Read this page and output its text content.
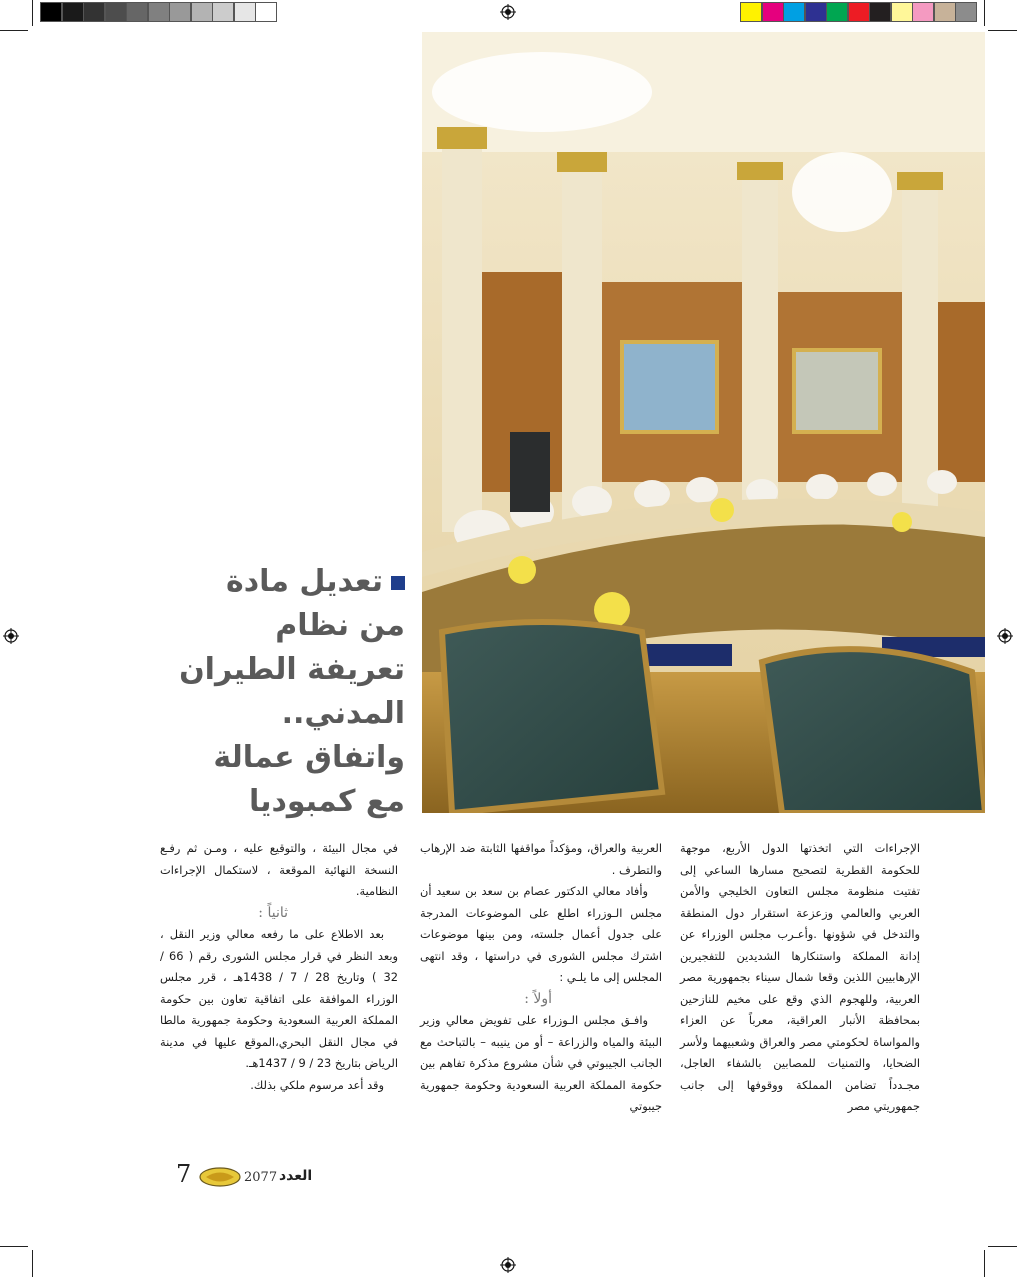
تعديل مادة
من نظام
تعريفة الطيران
المدني..
واتفاق عمالة
مع كمبوديا

الإجراءات التي اتخذتها الدول الأربع، موجهة للحكومة القطرية لتصحيح مسارها الساعي إلى تفتيت منظومة مجلس التعاون الخليجي والأمن العربي والعالمي وزعزعة استقرار دول المنطقة والتدخل في شؤونها .وأعـرب مجلس الوزراء عن إدانة المملكة واستنكارها الشديدين للتفجيرين الإرهابيين اللذين وقعا شمال سيناء بجمهورية مصر العربية، وللهجوم الذي وقع على مخيم للنازحين بمحافظة الأنبار العراقية، معرباً عن العزاء والمواساة لحكومتي مصر والعراق وشعبيهما ولأسر الضحايا، والتمنيات للمصابين بالشفاء العاجل، مجـدداً تضامن المملكة ووقوفها إلى جانب جمهوريتي مصر

العربية والعراق، ومؤكداً مواقفها الثابتة ضد الإرهاب والتطرف .

وأفاد معالي الدكتور عصام بن سعد بن سعيد أن مجلس الـوزراء اطلع على الموضوعات المدرجة على جدول أعمال جلسته، ومن بينها موضوعات اشترك مجلس الشورى في دراستها ، وقد انتهى المجلس إلى ما يلـي :

أولاً :

وافـق مجلس الـوزراء على تفويض معالي وزير البيئة والمياه والزراعة – أو من ينيبه – بالتباحث مع الجانب الجيبوتي في شأن مشروع مذكرة تفاهم بين حكومة المملكة العربية السعودية وحكومة جمهورية جيبوتي

في مجال البيئة ، والتوقيع عليه ، ومـن ثم رفـع النسخة النهائية الموقعة ، لاستكمال الإجراءات النظامية.

ثانياً :

بعد الاطلاع على ما رفعه معالي وزير النقل ، وبعد النظر في قرار مجلس الشورى رقم ( 66 / 32 ) وتاريخ 28 / 7 / 1438هـ ، قرر مجلس الوزراء الموافقة على اتفاقية تعاون بين حكومة المملكة العربية السعودية وحكومة جمهورية مالطا في مجال النقل البحري،الموقع عليها في مدينة الرياض بتاريخ 23 / 9 / 1437هـ.

وقد أعد مرسوم ملكي بذلك.

7	2077 العدد
